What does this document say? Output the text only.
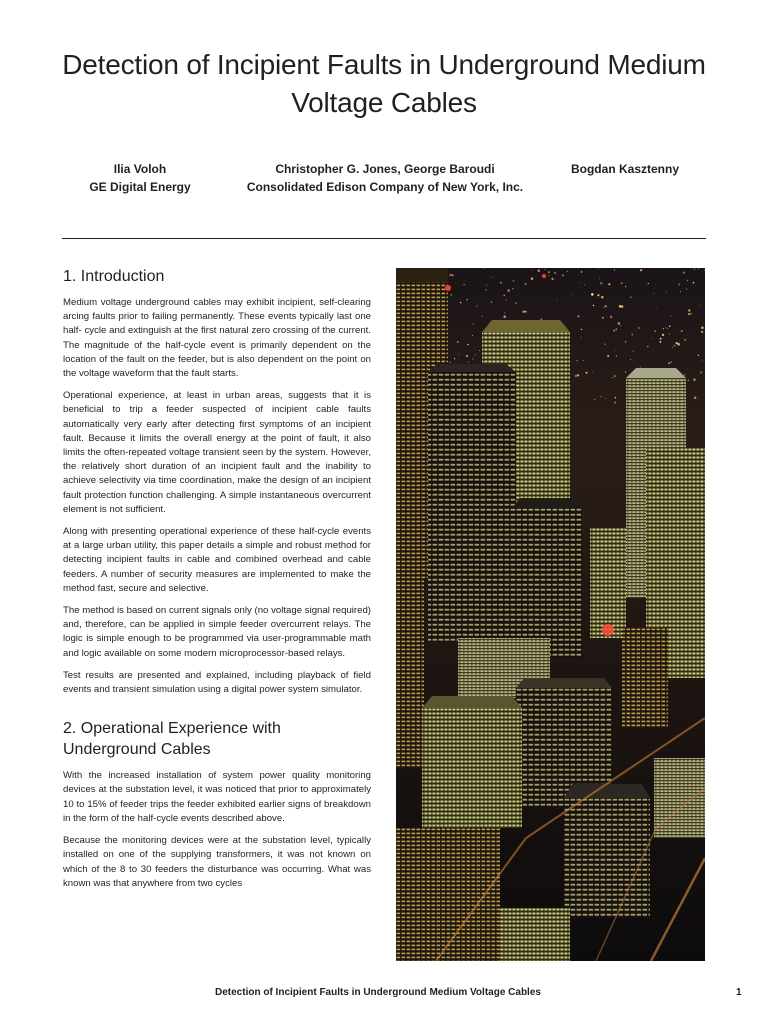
Detection of Incipient Faults in Underground Medium Voltage Cables
Ilia Voloh
GE Digital Energy
Christopher G. Jones, George Baroudi
Consolidated Edison Company of New York, Inc.
Bogdan Kasztenny
1. Introduction

Medium voltage underground cables may exhibit incipient, self-clearing arcing faults prior to failing permanently. These events typically last one half- cycle and extinguish at the first natural zero crossing of the current. The magnitude of the half-cycle event is primarily dependent on the location of the fault on the feeder, but is also dependent on the point on the voltage waveform that the fault starts.

Operational experience, at least in urban areas, suggests that it is beneficial to trip a feeder suspected of incipient cable faults automatically very early after detecting first symptoms of an incipient fault. Because it limits the overall energy at the point of fault, it also limits the often-repeated voltage transient seen by the system. However, the relatively short duration of an incipient fault and the inability to achieve selectivity via time coordination, make the design of an incipient fault protection function challenging. A simple instantaneous overcurrent element is not sufficient.

Along with presenting operational experience of these half-cycle events at a large urban utility, this paper details a simple and robust method for detecting incipient faults in cable and combined overhead and cable feeders. A number of security measures are implemented to make the method fast, secure and selective.

The method is based on current signals only (no voltage signal required) and, therefore, can be applied in simple feeder overcurrent relays. The logic is simple enough to be programmed via user-programmable math and logic available on some modern microprocessor-based relays.

Test results are presented and explained, including playback of field events and transient simulation using a digital power system simulator.

2. Operational Experience with Underground Cables

With the increased installation of system power quality monitoring devices at the substation level, it was noticed that prior to approximately 10 to 15% of feeder trips the feeder exhibited earlier signs of breakdown in the form of the half-cycle events described above.

Because the monitoring devices were at the substation level, typically installed on one of the supplying transformers, it was not known on which of the 8 to 30 feeders the disturbance was occurring. What was known was that anywhere from two cycles

Detection of Incipient Faults in Underground Medium Voltage Cables	1
